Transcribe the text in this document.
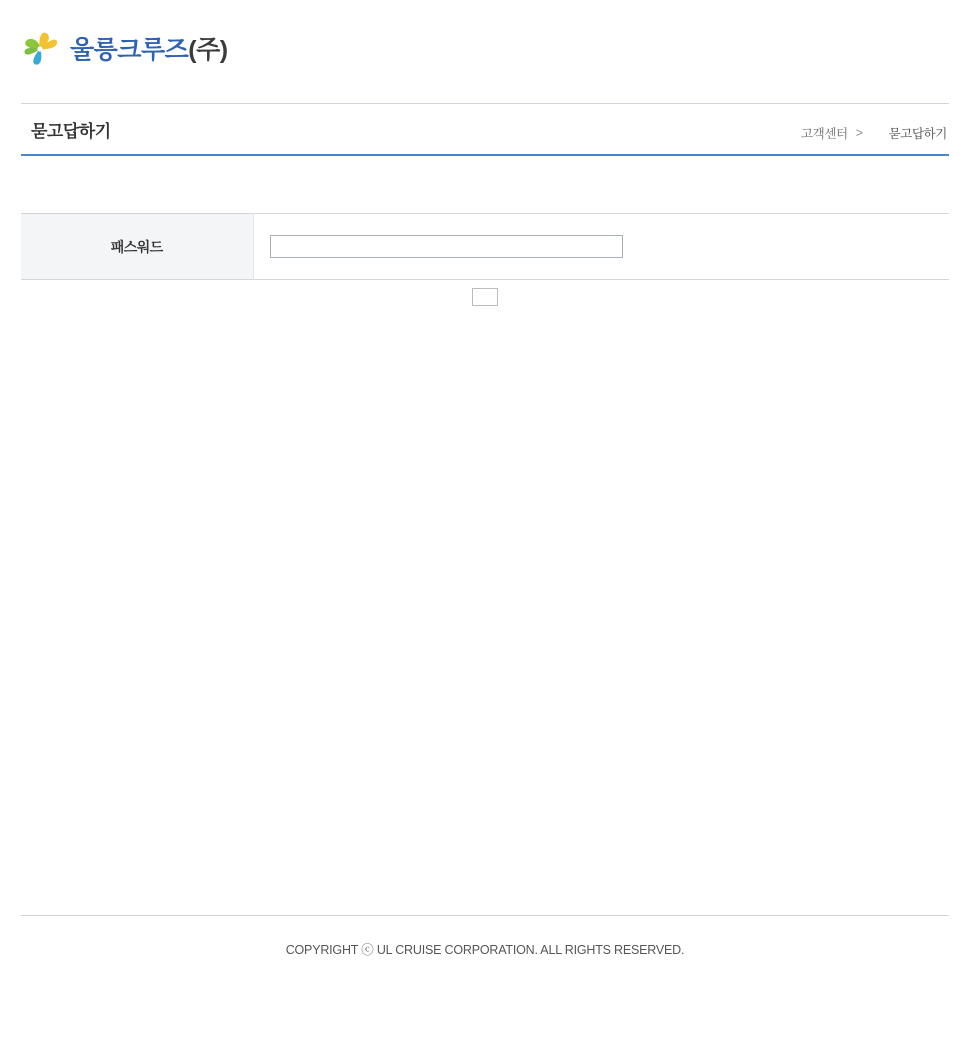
울릉크루즈(주)
묻고답하기	고객센터 >	묻고답하기
패스워드	
COPYRIGHT ⓒ UL CRUISE CORPORATION. ALL RIGHTS RESERVED.
